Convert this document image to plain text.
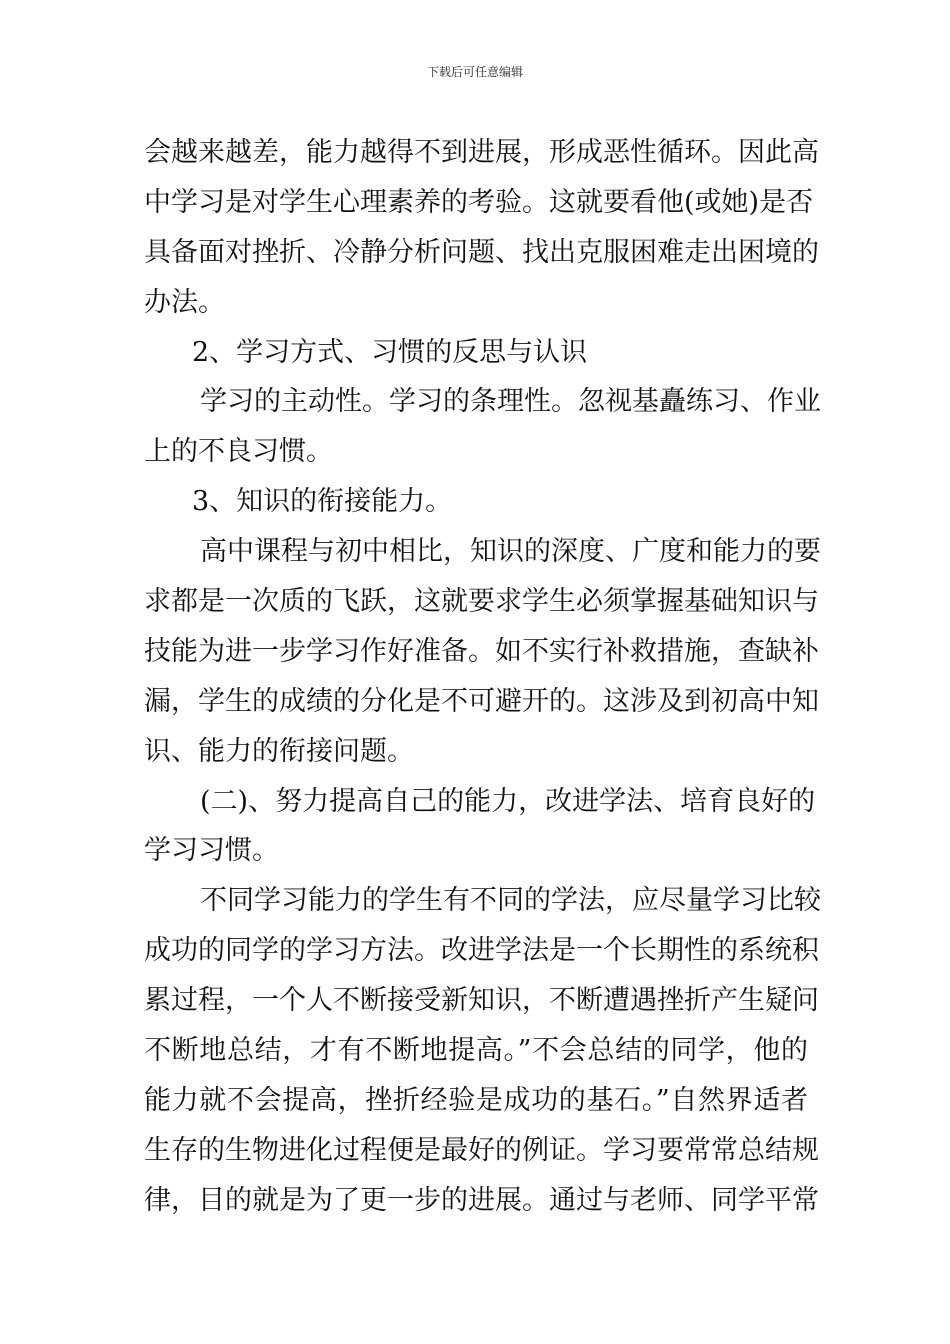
下载后可任意编辑
会越来越差，能力越得不到进展，形成恶性循环。因此高
中学习是对学生心理素养的考验。这就要看他(或她)是否
具备面对挫折、冷静分析问题、找出克服困难走出困境的
办法。
2、学习方式、习惯的反思与认识
学习的主动性。学习的条理性。忽视基矗练习、作业
上的不良习惯。
3、知识的衔接能力。
高中课程与初中相比，知识的深度、广度和能力的要
求都是一次质的飞跃，这就要求学生必须掌握基础知识与
技能为进一步学习作好准备。如不实行补救措施，查缺补
漏，学生的成绩的分化是不可避开的。这涉及到初高中知
识、能力的衔接问题。
(二)、努力提高自己的能力，改进学法、培育良好的
学习习惯。
不同学习能力的学生有不同的学法，应尽量学习比较
成功的同学的学习方法。改进学法是一个长期性的系统积
累过程，一个人不断接受新知识，不断遭遇挫折产生疑问
不断地总结，才有不断地提高。”不会总结的同学，他的
能力就不会提高，挫折经验是成功的基石。”自然界适者
生存的生物进化过程便是最好的例证。学习要常常总结规
律，目的就是为了更一步的进展。通过与老师、同学平常
